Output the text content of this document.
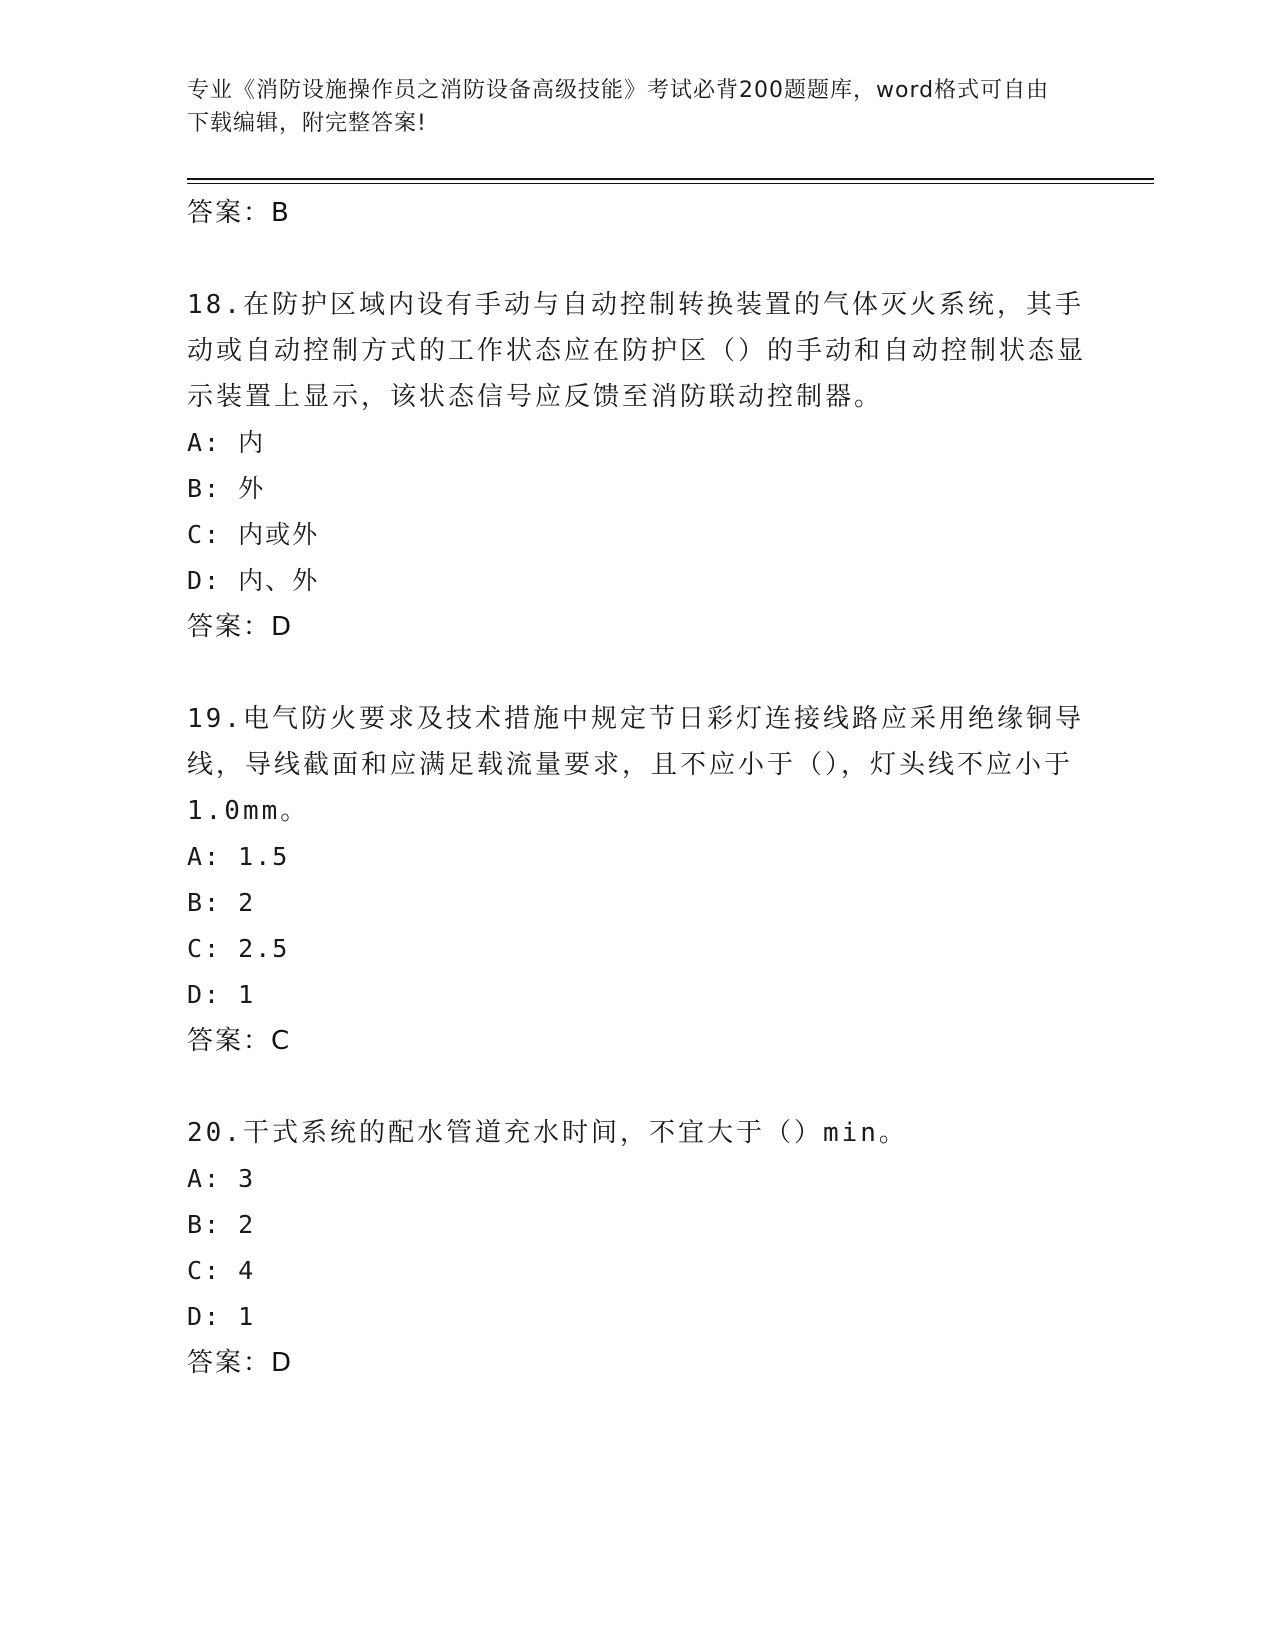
专业《消防设施操作员之消防设备高级技能》考试必背200题题库，word格式可自由下载编辑，附完整答案!
答案：B
18.在防护区域内设有手动与自动控制转换装置的气体灭火系统，其手动或自动控制方式的工作状态应在防护区（）的手动和自动控制状态显示装置上显示，该状态信号应反馈至消防联动控制器。
A: 内
B: 外
C: 内或外
D: 内、外
答案：D
19.电气防火要求及技术措施中规定节日彩灯连接线路应采用绝缘铜导线，导线截面和应满足载流量要求，且不应小于（），灯头线不应小于1.0mm。
A: 1.5
B: 2
C: 2.5
D: 1
答案：C
20.干式系统的配水管道充水时间，不宜大于（）min。
A: 3
B: 2
C: 4
D: 1
答案：D
